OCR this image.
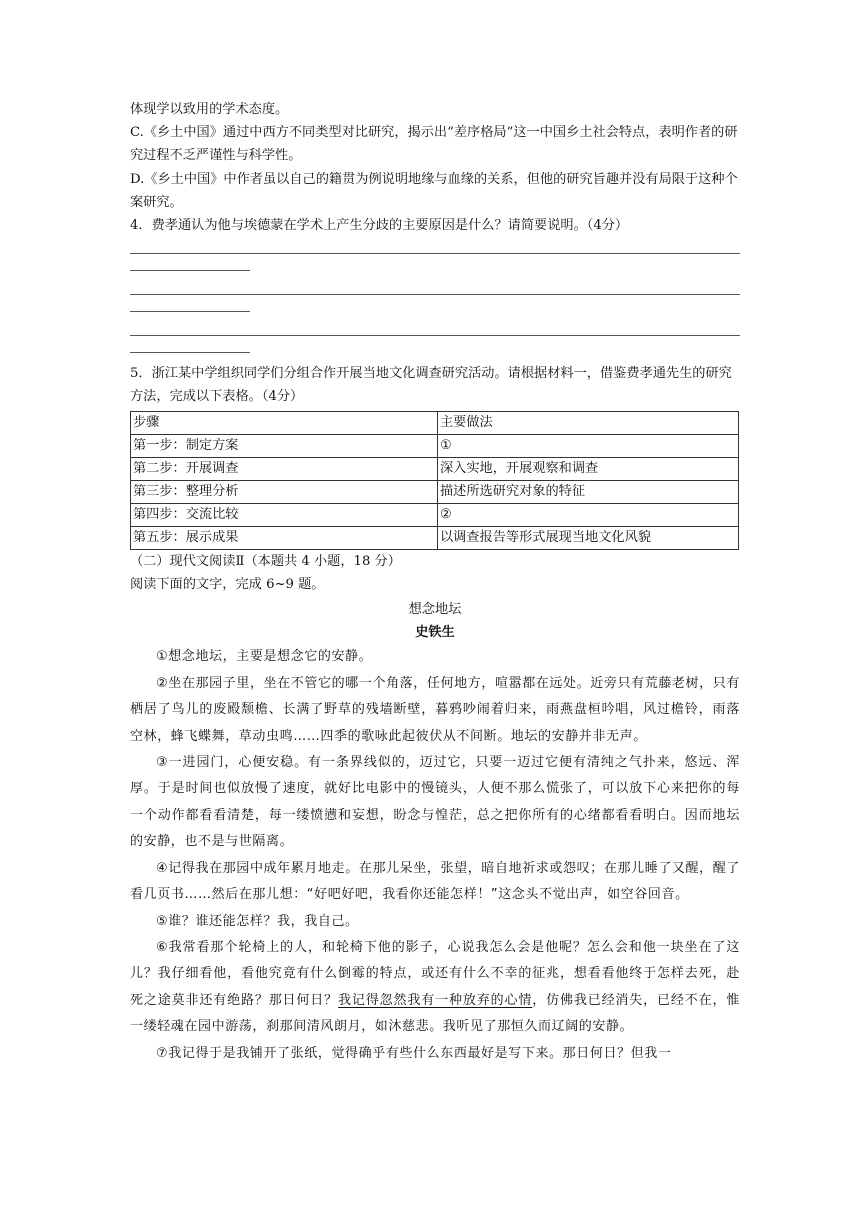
体现学以致用的学术态度。

C.《乡土中国》通过中西方不同类型对比研究，揭示出“差序格局”这一中国乡土社会特点，表明作者的研究过程不乏严谨性与科学性。

D.《乡土中国》中作者虽以自己的籍贯为例说明地缘与血缘的关系，但他的研究旨趣并没有局限于这种个案研究。

4．费孝通认为他与埃德蒙在学术上产生分歧的主要原因是什么？请简要说明。（4分）

5．浙江某中学组织同学们分组合作开展当地文化调查研究活动。请根据材料一，借鉴费孝通先生的研究方法，完成以下表格。（4分）

步骤	主要做法
第一步：制定方案	①
第二步：开展调查	深入实地，开展观察和调查
第三步：整理分析	描述所选研究对象的特征
第四步：交流比较	②
第五步：展示成果	以调查报告等形式展现当地文化风貌

（二）现代文阅读Ⅱ（本题共 4 小题，18 分）

阅读下面的文字，完成 6~9 题。

想念地坛

史铁生

①想念地坛，主要是想念它的安静。

②坐在那园子里，坐在不管它的哪一个角落，任何地方，喧嚣都在远处。近旁只有荒藤老树，只有栖居了鸟儿的废殿颓檐、长满了野草的残墙断壁，暮鸦吵闹着归来，雨燕盘桓吟唱，风过檐铃，雨落空林，蜂飞蝶舞，草动虫鸣……四季的歌咏此起彼伏从不间断。地坛的安静并非无声。

③一进园门，心便安稳。有一条界线似的，迈过它，只要一迈过它便有清纯之气扑来，悠远、浑厚。于是时间也似放慢了速度，就好比电影中的慢镜头，人便不那么慌张了，可以放下心来把你的每一个动作都看看清楚，每一缕愤懑和妄想，盼念与惶茫，总之把你所有的心绪都看看明白。因而地坛的安静，也不是与世隔离。

④记得我在那园中成年累月地走。在那儿呆坐，张望，暗自地祈求或怨叹；在那儿睡了又醒，醒了看几页书……然后在那儿想：“好吧好吧，我看你还能怎样！”这念头不觉出声，如空谷回音。

⑤谁？谁还能怎样？我，我自己。

⑥我常看那个轮椅上的人，和轮椅下他的影子，心说我怎么会是他呢？怎么会和他一块坐在了这儿？我仔细看他，看他究竟有什么倒霉的特点，或还有什么不幸的征兆，想看看他终于怎样去死，赴死之途莫非还有绝路？那日何日？我记得忽然我有一种放弃的心情，仿佛我已经消失，已经不在，惟一缕轻魂在园中游荡，刹那间清风朗月，如沐慈悲。我听见了那恒久而辽阔的安静。

⑦我记得于是我铺开了张纸，觉得确乎有些什么东西最好是写下来。那日何日？但我一
